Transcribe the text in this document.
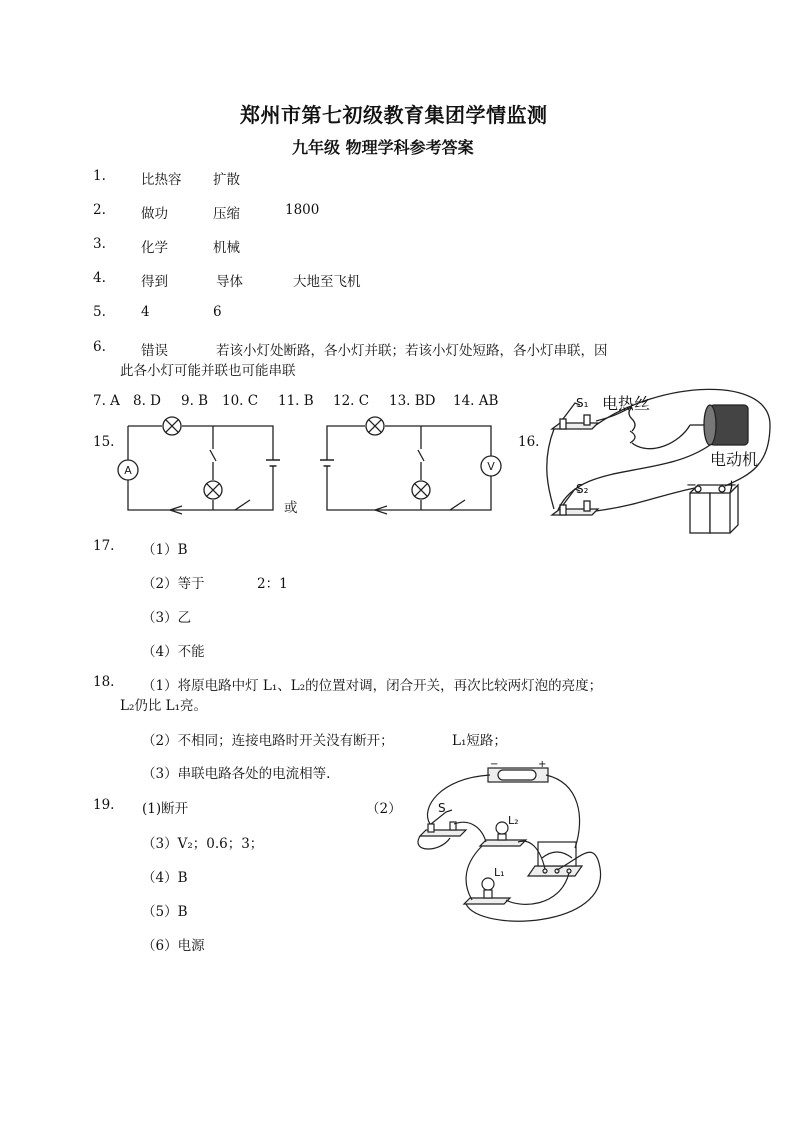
郑州市第七初级教育集团学情监测
九年级 物理学科参考答案
1.	比热容 扩散
2.	做功	压缩	1800
3.	化学	机械
4.	得到	导体	大地至飞机
5.	4	6
6.	错误	若该小灯处断路，各小灯并联；若该小灯处短路，各小灯串联，因
此各小灯可能并联也可能串联
7. A 8. D 9. B 10. C 11. B 12. C 13. BD 14. AB
15.
A
或
V
16.
电热丝
电动机
S₁
S₂	− +
17. （1）B
（2）等于	2：1
（3）乙
（4）不能
18. （1）将原电路中灯 L₁、L₂的位置对调，闭合开关，再次比较两灯泡的亮度；
L₂仍比 L₁亮。
（2）不相同；连接电路时开关没有断开；	L₁短路；
（3）串联电路各处的电流相等.
19. (1)断开	（2）
（3）V₂；0.6；3；
（4）B
（5）B
（6）电源
S
L₂
L₁
−	+
